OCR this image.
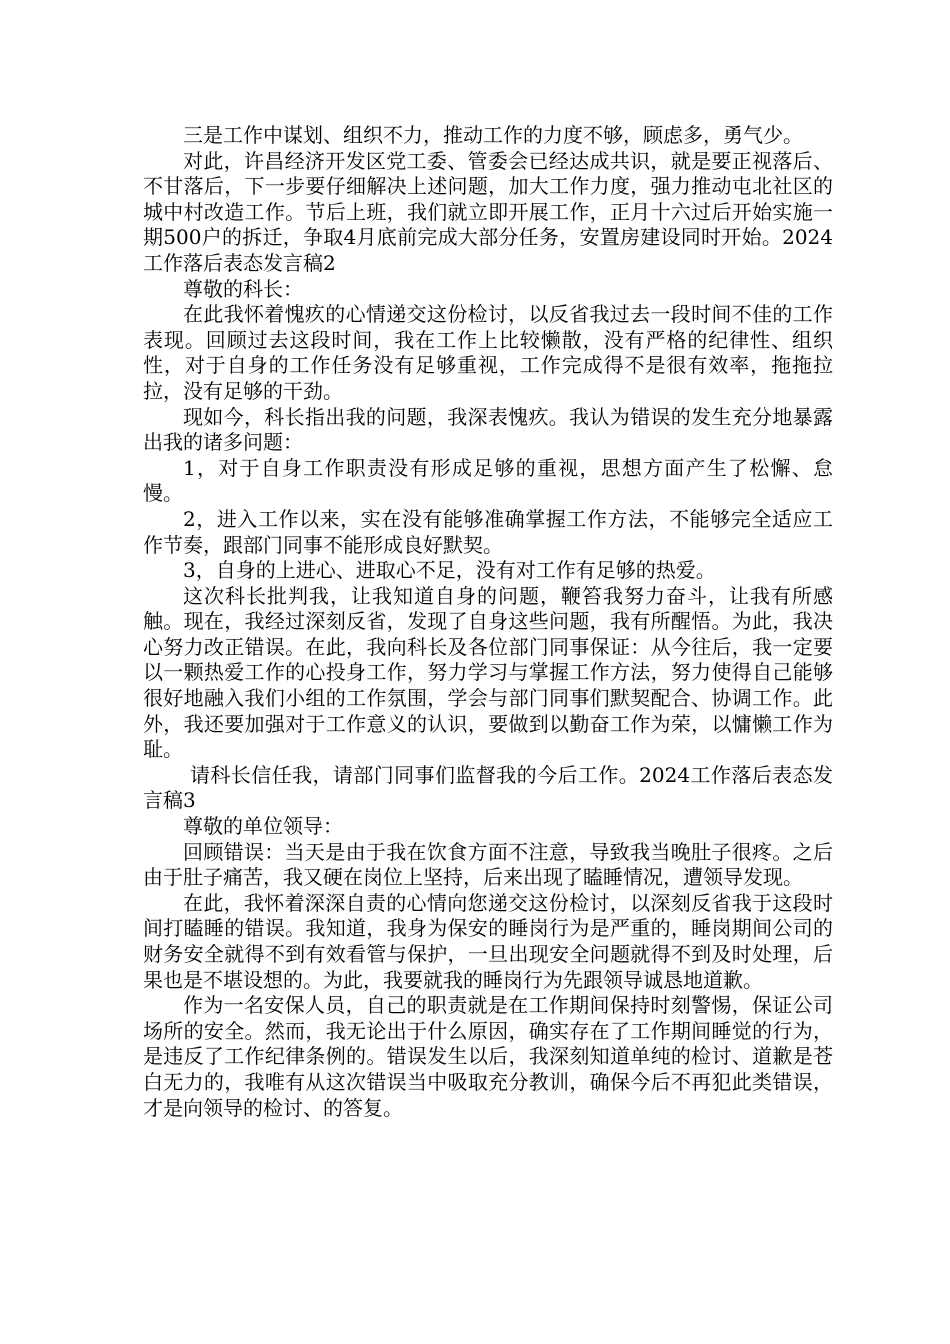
三是工作中谋划、组织不力，推动工作的力度不够，顾虑多，勇气少。

对此，许昌经济开发区党工委、管委会已经达成共识，就是要正视落后、不甘落后，下一步要仔细解决上述问题，加大工作力度，强力推动屯北社区的城中村改造工作。节后上班，我们就立即开展工作，正月十六过后开始实施一期500户的拆迁，争取4月底前完成大部分任务，安置房建设同时开始。2024工作落后表态发言稿2

尊敬的科长：

在此我怀着愧疚的心情递交这份检讨，以反省我过去一段时间不佳的工作表现。回顾过去这段时间，我在工作上比较懒散，没有严格的纪律性、组织性，对于自身的工作任务没有足够重视，工作完成得不是很有效率，拖拖拉拉，没有足够的干劲。

现如今，科长指出我的问题，我深表愧疚。我认为错误的发生充分地暴露出我的诸多问题：

1，对于自身工作职责没有形成足够的重视，思想方面产生了松懈、怠慢。

2，进入工作以来，实在没有能够准确掌握工作方法，不能够完全适应工作节奏，跟部门同事不能形成良好默契。

3，自身的上进心、进取心不足，没有对工作有足够的热爱。

这次科长批判我，让我知道自身的问题，鞭笞我努力奋斗，让我有所感触。现在，我经过深刻反省，发现了自身这些问题，我有所醒悟。为此，我决心努力改正错误。在此，我向科长及各位部门同事保证：从今往后，我一定要以一颗热爱工作的心投身工作，努力学习与掌握工作方法，努力使得自己能够很好地融入我们小组的工作氛围，学会与部门同事们默契配合、协调工作。此外，我还要加强对于工作意义的认识，要做到以勤奋工作为荣，以慵懒工作为耻。

请科长信任我，请部门同事们监督我的今后工作。2024工作落后表态发言稿3

尊敬的单位领导：

回顾错误：当天是由于我在饮食方面不注意，导致我当晚肚子很疼。之后由于肚子痛苦，我又硬在岗位上坚持，后来出现了瞌睡情况，遭领导发现。

在此，我怀着深深自责的心情向您递交这份检讨，以深刻反省我于这段时间打瞌睡的错误。我知道，我身为保安的睡岗行为是严重的，睡岗期间公司的财务安全就得不到有效看管与保护，一旦出现安全问题就得不到及时处理，后果也是不堪设想的。为此，我要就我的睡岗行为先跟领导诚恳地道歉。

作为一名安保人员，自己的职责就是在工作期间保持时刻警惕，保证公司场所的安全。然而，我无论出于什么原因，确实存在了工作期间睡觉的行为，是违反了工作纪律条例的。错误发生以后，我深刻知道单纯的检讨、道歉是苍白无力的，我唯有从这次错误当中吸取充分教训，确保今后不再犯此类错误，才是向领导的检讨、的答复。
